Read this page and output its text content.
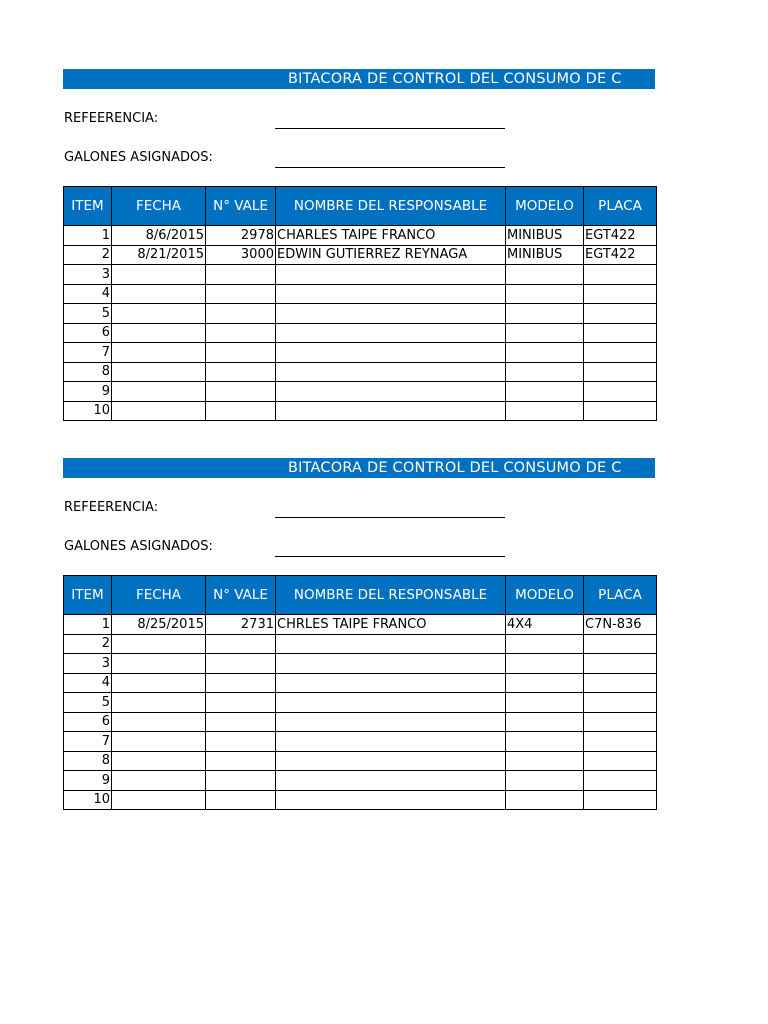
BITACORA DE CONTROL DEL CONSUMO DE C
REFEERENCIA:
GALONES ASIGNADOS:
ITEM	FECHA	N° VALE	NOMBRE DEL RESPONSABLE	MODELO	PLACA
1	8/6/2015	2978	CHARLES TAIPE FRANCO	MINIBUS	EGT422
2	8/21/2015	3000	EDWIN GUTIERREZ REYNAGA	MINIBUS	EGT422
3					
4					
5					
6					
7					
8					
9					
10					
BITACORA DE CONTROL DEL CONSUMO DE C
REFEERENCIA:
GALONES ASIGNADOS:
ITEM	FECHA	N° VALE	NOMBRE DEL RESPONSABLE	MODELO	PLACA
1	8/25/2015	2731	CHRLES TAIPE FRANCO	4X4	C7N-836
2					
3					
4					
5					
6					
7					
8					
9					
10					
